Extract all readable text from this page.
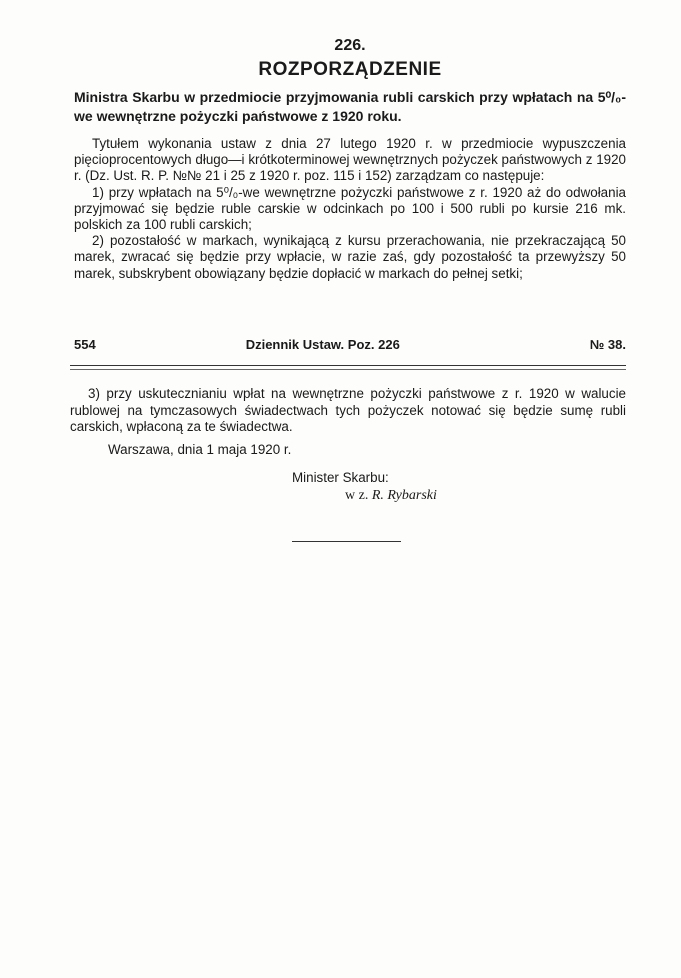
226.

ROZPORZĄDZENIE

Ministra Skarbu w przedmiocie przyjmowania rubli carskich przy wpłatach na 5⁰/₀-we wewnętrzne pożyczki państwowe z 1920 roku.

Tytułem wykonania ustaw z dnia 27 lutego 1920 r. w przedmiocie wypuszczenia pięcioprocentowych długo—i krótkoterminowej wewnętrznych pożyczek państwowych z 1920 r. (Dz. Ust. R. P. №№ 21 i 25 z 1920 r. poz. 115 i 152) zarządzam co następuje:

1) przy wpłatach na 5⁰/₀-we wewnętrzne pożyczki państwowe z r. 1920 aż do odwołania przyjmować się będzie ruble carskie w odcinkach po 100 i 500 rubli po kursie 216 mk. polskich za 100 rubli carskich;

2) pozostałość w markach, wynikającą z kursu przerachowania, nie przekraczającą 50 marek, zwracać się będzie przy wpłacie, w razie zaś, gdy pozostałość ta przewyższy 50 marek, subskrybent obowiązany będzie dopłacić w markach do pełnej setki;

554	Dziennik Ustaw. Poz. 226	№ 38.

3) przy uskutecznianiu wpłat na wewnętrzne pożyczki państwowe z r. 1920 w walucie rublowej na tymczasowych świadectwach tych pożyczek notować się będzie sumę rubli carskich, wpłaconą za te świadectwa.

Warszawa, dnia 1 maja 1920 r.
Minister Skarbu:
w z. R. Rybarski
